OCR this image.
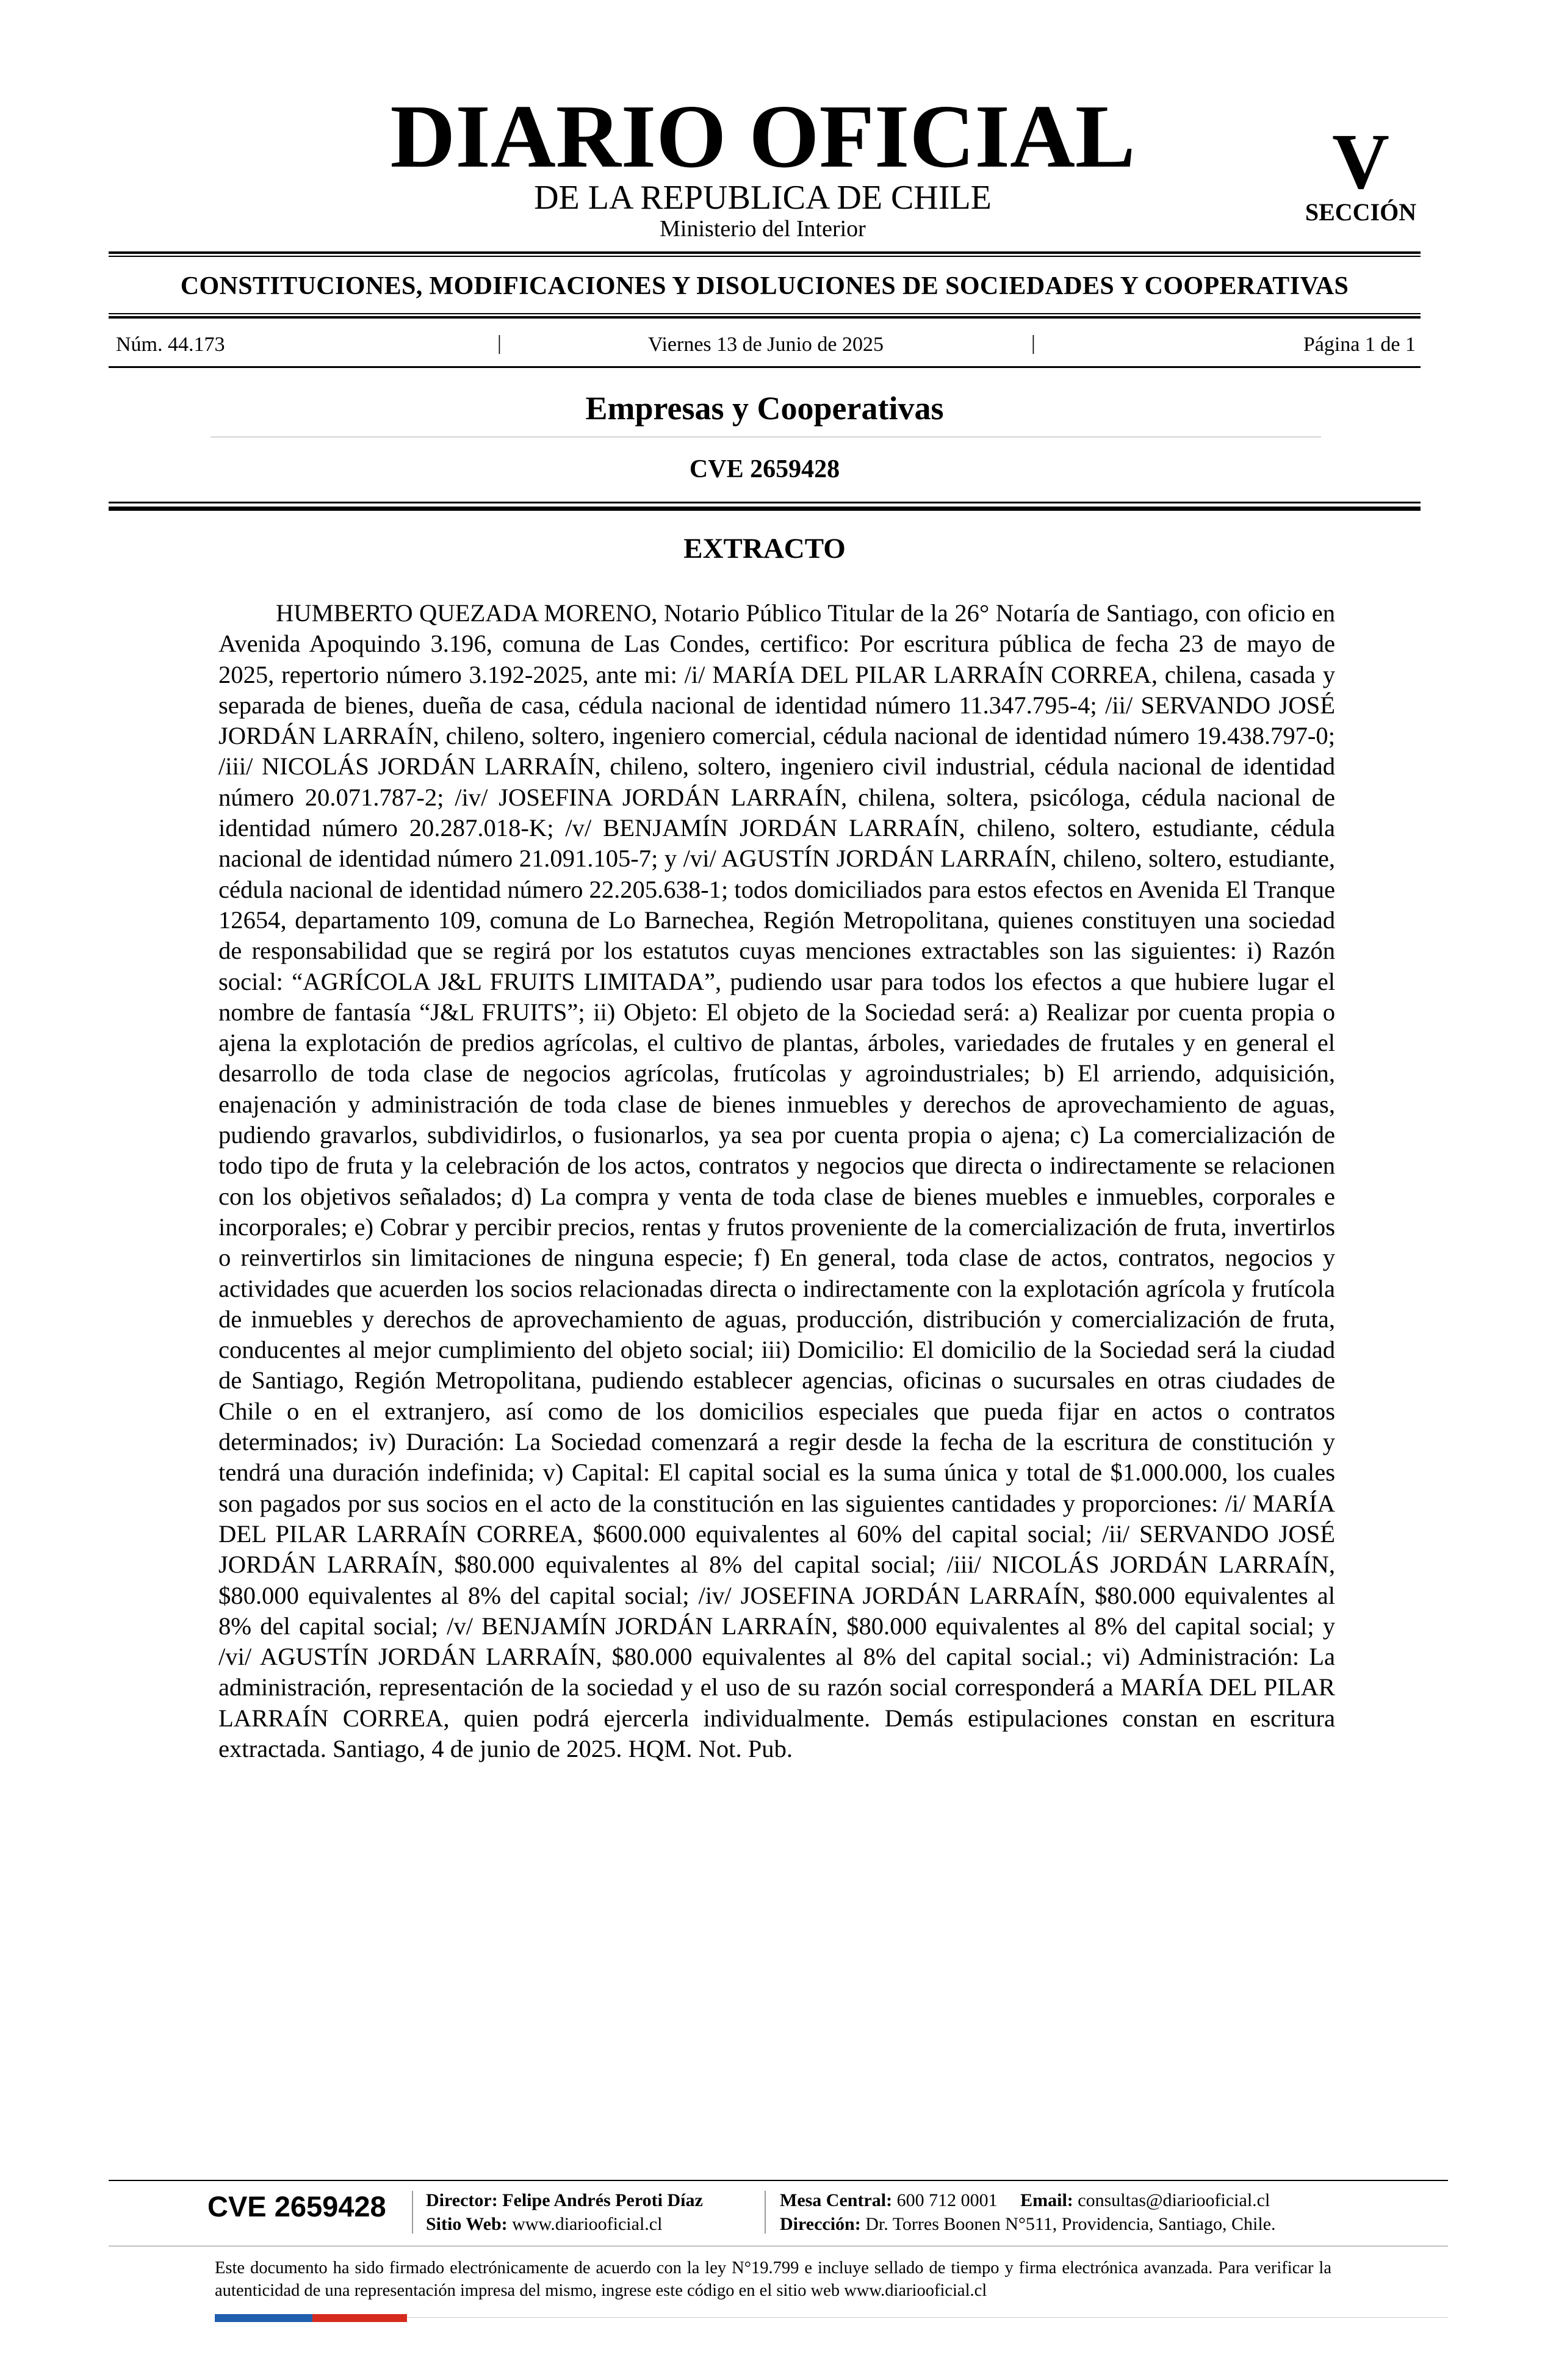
DIARIO OFICIAL
DE LA REPUBLICA DE CHILE
Ministerio del Interior
V
SECCIÓN
CONSTITUCIONES, MODIFICACIONES Y DISOLUCIONES DE SOCIEDADES Y COOPERATIVAS
Núm. 44.173	|	Viernes 13 de Junio de 2025	|	Página 1 de 1
Empresas y Cooperativas
CVE 2659428
EXTRACTO

HUMBERTO QUEZADA MORENO, Notario Público Titular de la 26° Notaría de Santiago, con oficio en Avenida Apoquindo 3.196, comuna de Las Condes, certifico: Por escritura pública de fecha 23 de mayo de 2025, repertorio número 3.192-2025, ante mi: /i/ MARÍA DEL PILAR LARRAÍN CORREA, chilena, casada y separada de bienes, dueña de casa, cédula nacional de identidad número 11.347.795-4; /ii/ SERVANDO JOSÉ JORDÁN LARRAÍN, chileno, soltero, ingeniero comercial, cédula nacional de identidad número 19.438.797-0; /iii/ NICOLÁS JORDÁN LARRAÍN, chileno, soltero, ingeniero civil industrial, cédula nacional de identidad número 20.071.787-2; /iv/ JOSEFINA JORDÁN LARRAÍN, chilena, soltera, psicóloga, cédula nacional de identidad número 20.287.018-K; /v/ BENJAMÍN JORDÁN LARRAÍN, chileno, soltero, estudiante, cédula nacional de identidad número 21.091.105-7; y /vi/ AGUSTÍN JORDÁN LARRAÍN, chileno, soltero, estudiante, cédula nacional de identidad número 22.205.638-1; todos domiciliados para estos efectos en Avenida El Tranque 12654, departamento 109, comuna de Lo Barnechea, Región Metropolitana, quienes constituyen una sociedad de responsabilidad que se regirá por los estatutos cuyas menciones extractables son las siguientes: i) Razón social: “AGRÍCOLA J&L FRUITS LIMITADA”, pudiendo usar para todos los efectos a que hubiere lugar el nombre de fantasía “J&L FRUITS”; ii) Objeto: El objeto de la Sociedad será: a) Realizar por cuenta propia o ajena la explotación de predios agrícolas, el cultivo de plantas, árboles, variedades de frutales y en general el desarrollo de toda clase de negocios agrícolas, frutícolas y agroindustriales; b) El arriendo, adquisición, enajenación y administración de toda clase de bienes inmuebles y derechos de aprovechamiento de aguas, pudiendo gravarlos, subdividirlos, o fusionarlos, ya sea por cuenta propia o ajena; c) La comercialización de todo tipo de fruta y la celebración de los actos, contratos y negocios que directa o indirectamente se relacionen con los objetivos señalados; d) La compra y venta de toda clase de bienes muebles e inmuebles, corporales e incorporales; e) Cobrar y percibir precios, rentas y frutos proveniente de la comercialización de fruta, invertirlos o reinvertirlos sin limitaciones de ninguna especie; f) En general, toda clase de actos, contratos, negocios y actividades que acuerden los socios relacionadas directa o indirectamente con la explotación agrícola y frutícola de inmuebles y derechos de aprovechamiento de aguas, producción, distribución y comercialización de fruta, conducentes al mejor cumplimiento del objeto social; iii) Domicilio: El domicilio de la Sociedad será la ciudad de Santiago, Región Metropolitana, pudiendo establecer agencias, oficinas o sucursales en otras ciudades de Chile o en el extranjero, así como de los domicilios especiales que pueda fijar en actos o contratos determinados; iv) Duración: La Sociedad comenzará a regir desde la fecha de la escritura de constitución y tendrá una duración indefinida; v) Capital: El capital social es la suma única y total de $1.000.000, los cuales son pagados por sus socios en el acto de la constitución en las siguientes cantidades y proporciones: /i/ MARÍA DEL PILAR LARRAÍN CORREA, $600.000 equivalentes al 60% del capital social; /ii/ SERVANDO JOSÉ JORDÁN LARRAÍN, $80.000 equivalentes al 8% del capital social; /iii/ NICOLÁS JORDÁN LARRAÍN, $80.000 equivalentes al 8% del capital social; /iv/ JOSEFINA JORDÁN LARRAÍN, $80.000 equivalentes al 8% del capital social; /v/ BENJAMÍN JORDÁN LARRAÍN, $80.000 equivalentes al 8% del capital social; y /vi/ AGUSTÍN JORDÁN LARRAÍN, $80.000 equivalentes al 8% del capital social.; vi) Administración: La administración, representación de la sociedad y el uso de su razón social corresponderá a MARÍA DEL PILAR LARRAÍN CORREA, quien podrá ejercerla individualmente. Demás estipulaciones constan en escritura extractada. Santiago, 4 de junio de 2025. HQM. Not. Pub.

CVE 2659428 Director: Felipe Andrés Peroti Díaz
Sitio Web: www.diariooficial.cl
Mesa Central: 600 712 0001 Email: consultas@diariooficial.cl
Dirección: Dr. Torres Boonen N°511, Providencia, Santiago, Chile.

Este documento ha sido firmado electrónicamente de acuerdo con la ley N°19.799 e incluye sellado de tiempo y firma electrónica avanzada. Para verificar la autenticidad de una representación impresa del mismo, ingrese este código en el sitio web www.diariooficial.cl
